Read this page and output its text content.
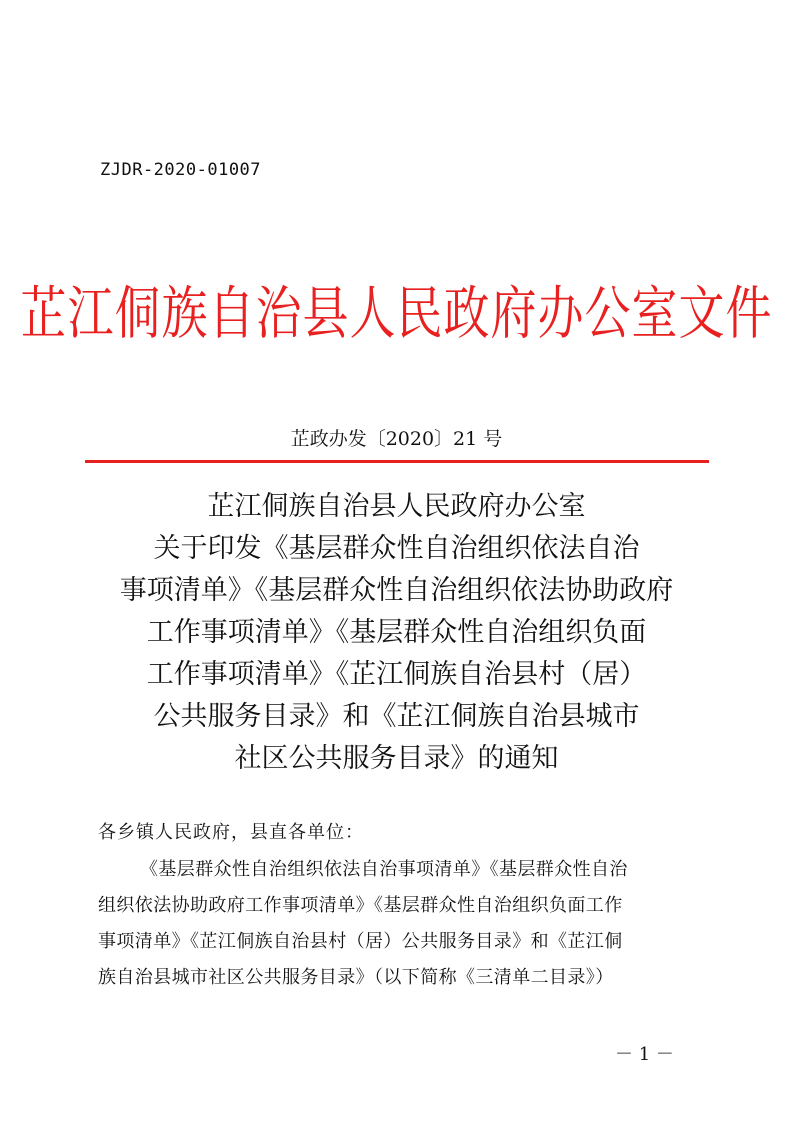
ZJDR-2020-01007
芷江侗族自治县人民政府办公室文件
芷政办发〔2020〕21 号
芷江侗族自治县人民政府办公室
关于印发《基层群众性自治组织依法自治
事项清单》《基层群众性自治组织依法协助政府
工作事项清单》《基层群众性自治组织负面
工作事项清单》《芷江侗族自治县村（居）
公共服务目录》和《芷江侗族自治县城市
社区公共服务目录》的通知
各乡镇人民政府，县直各单位：
《基层群众性自治组织依法自治事项清单》《基层群众性自治
组织依法协助政府工作事项清单》《基层群众性自治组织负面工作
事项清单》《芷江侗族自治县村（居）公共服务目录》和《芷江侗
族自治县城市社区公共服务目录》（以下简称《三清单二目录》）
－ 1 －
